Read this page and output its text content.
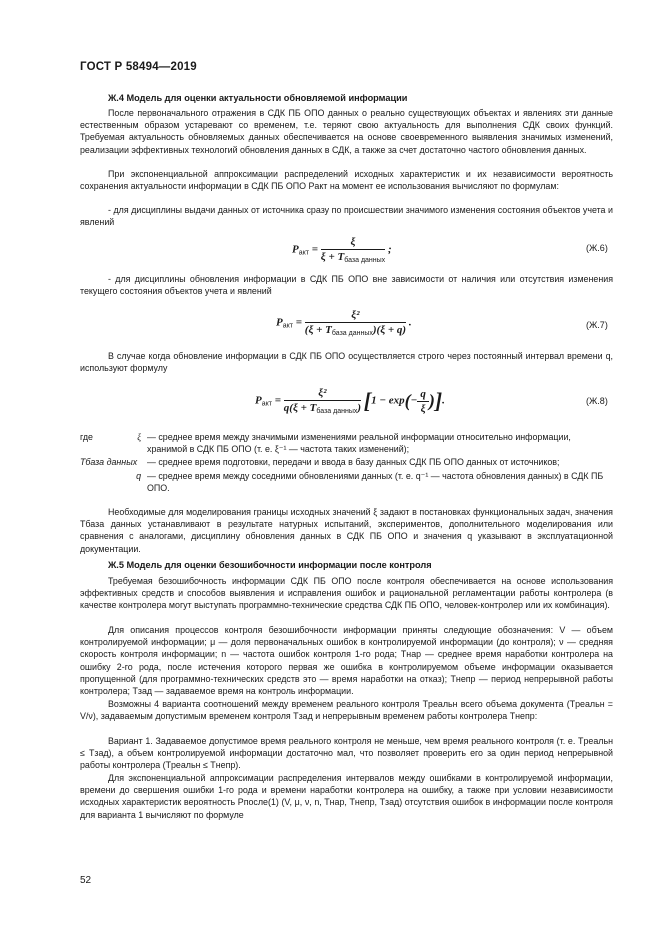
ГОСТ Р 58494—2019
Ж.4 Модель для оценки актуальности обновляемой информации
После первоначального отражения в СДК ПБ ОПО данных о реально существующих объектах и явлениях эти данные естественным образом устаревают со временем, т.е. теряют свою актуальность для выполнения СДК своих функций. Требуемая актуальность обновляемых данных обеспечивается на основе своевременного выявления значимых изменений, реализации эффективных технологий обновления данных в СДК, а также за счет достаточно частого обновления данных.
При экспоненциальной аппроксимации распределений исходных характеристик и их независимости вероятность сохранения актуальности информации в СДК ПБ ОПО Pакт на момент ее использования вычисляют по формулам:
- для дисциплины выдачи данных от источника сразу по происшествии значимого изменения состояния объектов учета и явлений
$P_{акт} = \frac{\xi}{\xi + T_{база данных}}$ ;	(Ж.6)
- для дисциплины обновления информации в СДК ПБ ОПО вне зависимости от наличия или отсутствия изменения текущего состояния объектов учета и явлений
$P_{акт} = \frac{\text{ξ²}}{(\xi + T_{база данных})(\xi + q)}$ .	(Ж.7)
В случае когда обновление информации в СДК ПБ ОПО осуществляется строго через постоянный интервал времени q, используют формулу
$P_{акт} = \frac{\text{ξ²}}{q(\xi + T_{база данных})} [1 - \exp(- \frac{q}{\xi}$ )].	(Ж.8)
где	ξ — среднее время между значимыми изменениями реальной информации относительно информации, хранимой в СДК ПБ ОПО (т. е. ξ⁻¹ — частота таких изменений);
Tбаза данных — среднее время подготовки, передачи и ввода в базу данных СДК ПБ ОПО данных от источников;
q — среднее время между соседними обновлениями данных (т. е. q⁻¹ — частота обновления данных) в СДК ПБ ОПО.
Необходимые для моделирования границы исходных значений ξ задают в постановках функциональных задач, значения Tбаза данных устанавливают в результате натурных испытаний, экспериментов, дополнительного моделирования или сравнения с аналогами, дисциплину обновления данных в СДК ПБ ОПО и значения q указывают в эксплуатационной документации.
Ж.5 Модель для оценки безошибочности информации после контроля
Требуемая безошибочность информации СДК ПБ ОПО после контроля обеспечивается на основе использования эффективных средств и способов выявления и исправления ошибок и рациональной регламентации работы контролера (в качестве контролера могут выступать программно-технические средства СДК ПБ ОПО, человек-контролер или их комбинация).
Для описания процессов контроля безошибочности информации приняты следующие обозначения: V — объем контролируемой информации; μ — доля первоначальных ошибок в контролируемой информации (до контроля); ν — средняя скорость контроля информации; n — частота ошибок контроля 1-го рода; Tнар — среднее время наработки контролера на ошибку 2-го рода, после истечения которого первая же ошибка в контролируемом объеме информации оказывается пропущенной (для программно-технических средств это — время наработки на отказ); Tнепр — период непрерывной работы контролера; Tзад — задаваемое время на контроль информации.
Возможны 4 варианта соотношений между временем реального контроля Tреальн всего объема документа (Tреальн = V/ν), задаваемым допустимым временем контроля Tзад и непрерывным временем работы контролера Tнепр:
Вариант 1. Задаваемое допустимое время реального контроля не меньше, чем время реального контроля (т. е. Tреальн ≤ Tзад), а объем контролируемой информации достаточно мал, что позволяет проверить его за один период непрерывной работы контролера (Tреальн ≤ Tнепр).
Для экспоненциальной аппроксимации распределения интервалов между ошибками в контролируемой информации, времени до свершения ошибки 1-го рода и времени наработки контролера на ошибку, а также при условии независимости исходных характеристик вероятность Pпосле(1) (V, μ, ν, n, Tнар, Tнепр, Tзад) отсутствия ошибок в информации после контроля для варианта 1 вычисляют по формуле
52
